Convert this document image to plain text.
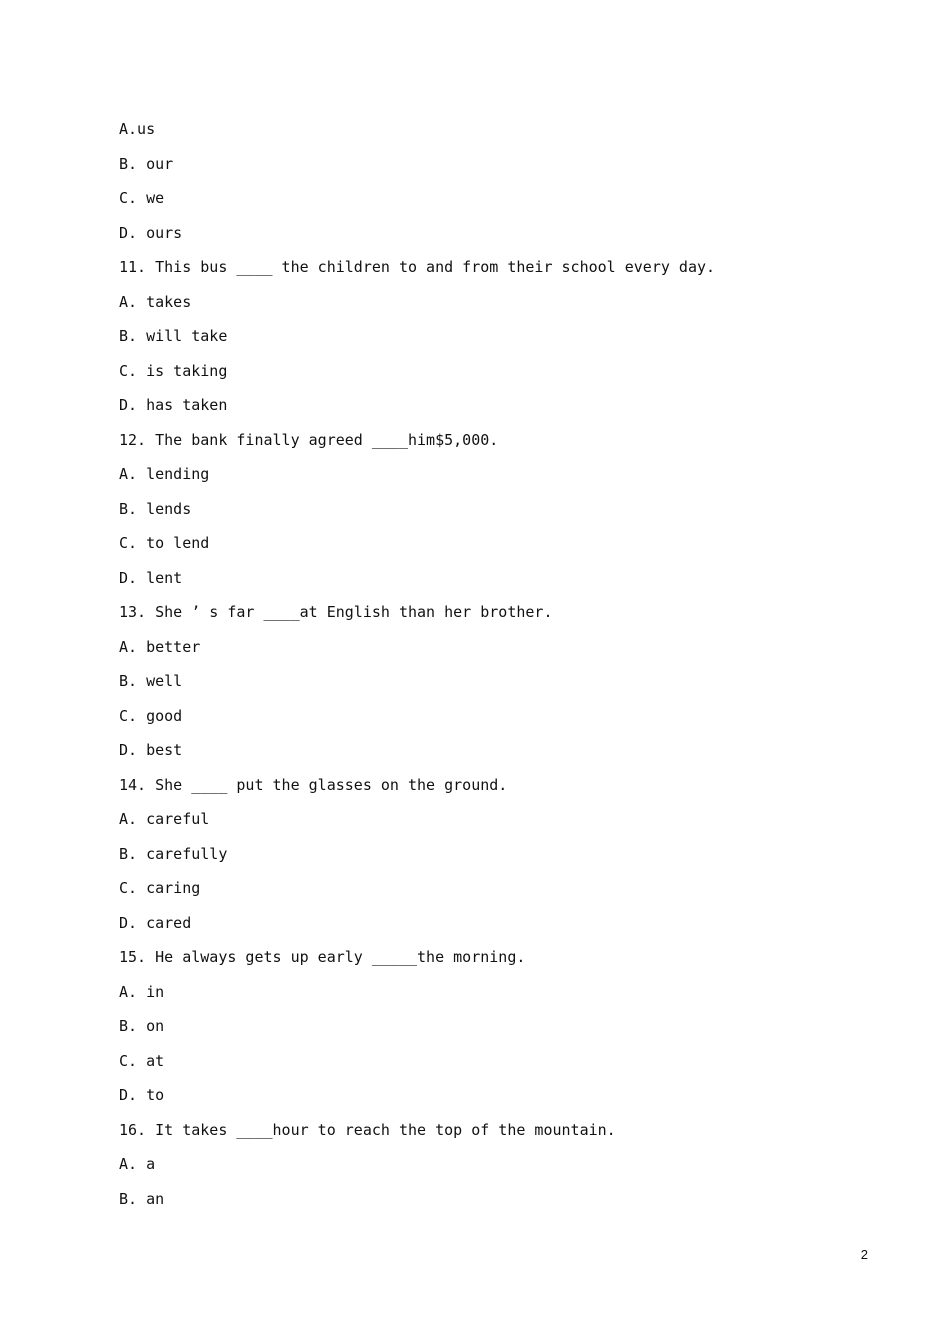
A.us
B. our
C. we
D. ours
11. This bus ____ the children to and from their school every day.
A. takes
B. will take
C. is taking
D. has taken
12. The bank finally agreed ____him$5,000.
A. lending
B. lends
C. to lend
D. lent
13. She ’ s far ____at English than her brother.
A. better
B. well
C. good
D. best
14. She ____ put the glasses on the ground.
A. careful
B. carefully
C. caring
D. cared
15. He always gets up early _____the morning.
A. in
B. on
C. at
D. to
16. It takes ____hour to reach the top of the mountain.
A. a
B. an
2
